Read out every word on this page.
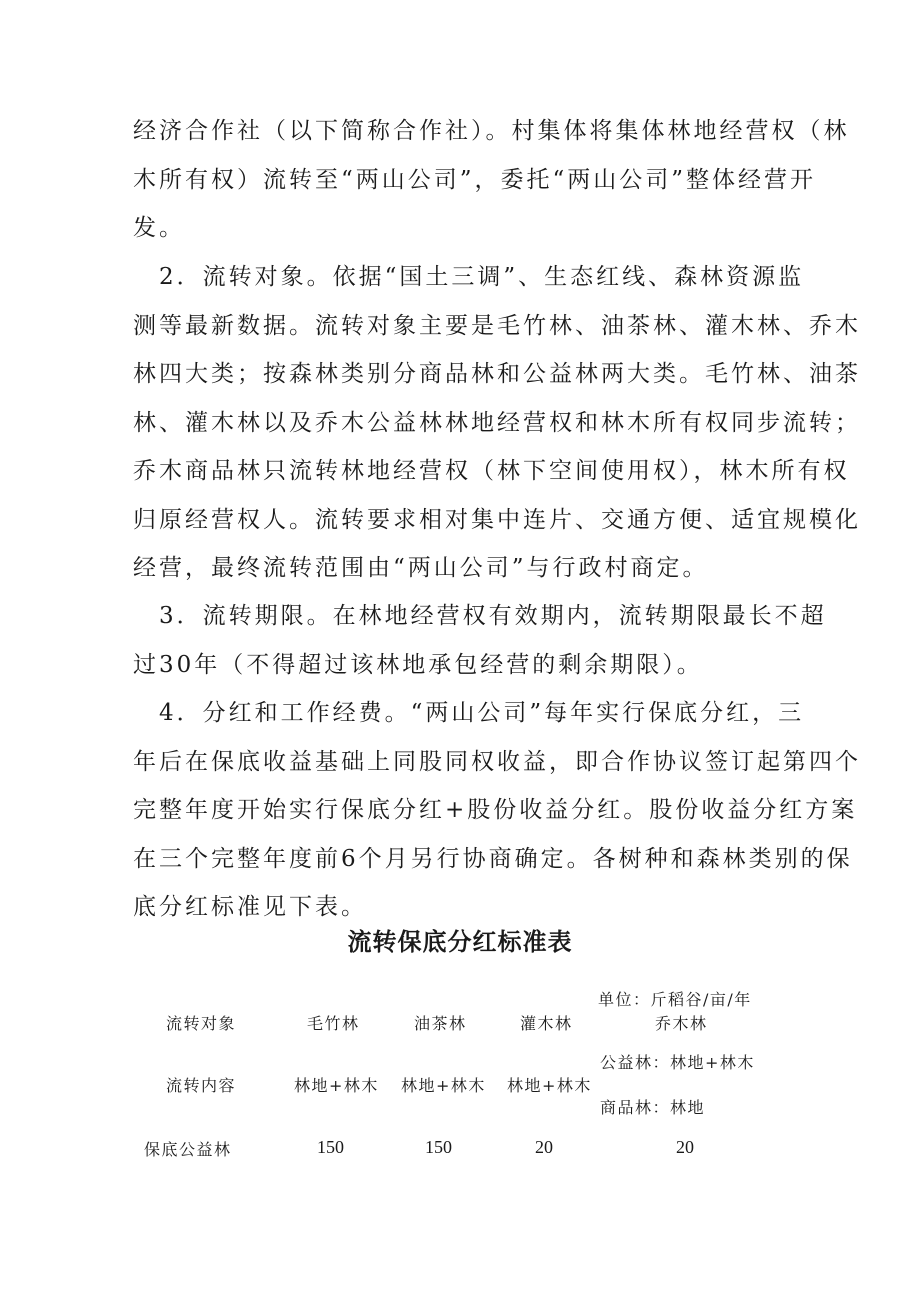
经济合作社（以下简称合作社）。村集体将集体林地经营权（林
木所有权）流转至“两山公司”，委托“两山公司”整体经营开
发。
　2．流转对象。依据“国土三调”、生态红线、森林资源监
测等最新数据。流转对象主要是毛竹林、油茶林、灌木林、乔木
林四大类；按森林类别分商品林和公益林两大类。毛竹林、油茶
林、灌木林以及乔木公益林林地经营权和林木所有权同步流转；
乔木商品林只流转林地经营权（林下空间使用权），林木所有权
归原经营权人。流转要求相对集中连片、交通方便、适宜规模化
经营，最终流转范围由“两山公司”与行政村商定。
　3．流转期限。在林地经营权有效期内，流转期限最长不超
过30年（不得超过该林地承包经营的剩余期限）。
　4．分红和工作经费。“两山公司”每年实行保底分红，三
年后在保底收益基础上同股同权收益，即合作协议签订起第四个
完整年度开始实行保底分红+股份收益分红。股份收益分红方案
在三个完整年度前6个月另行协商确定。各树种和森林类别的保
底分红标准见下表。
流转保底分红标准表
单位：斤稻谷/亩/年
流转对象	毛竹林	油茶林	灌木林	乔木林
流转内容	林地+林木 林地+林木 林地+林木
公益林：林地+林木
商品林：林地
保底公益林	150	150	20	20
